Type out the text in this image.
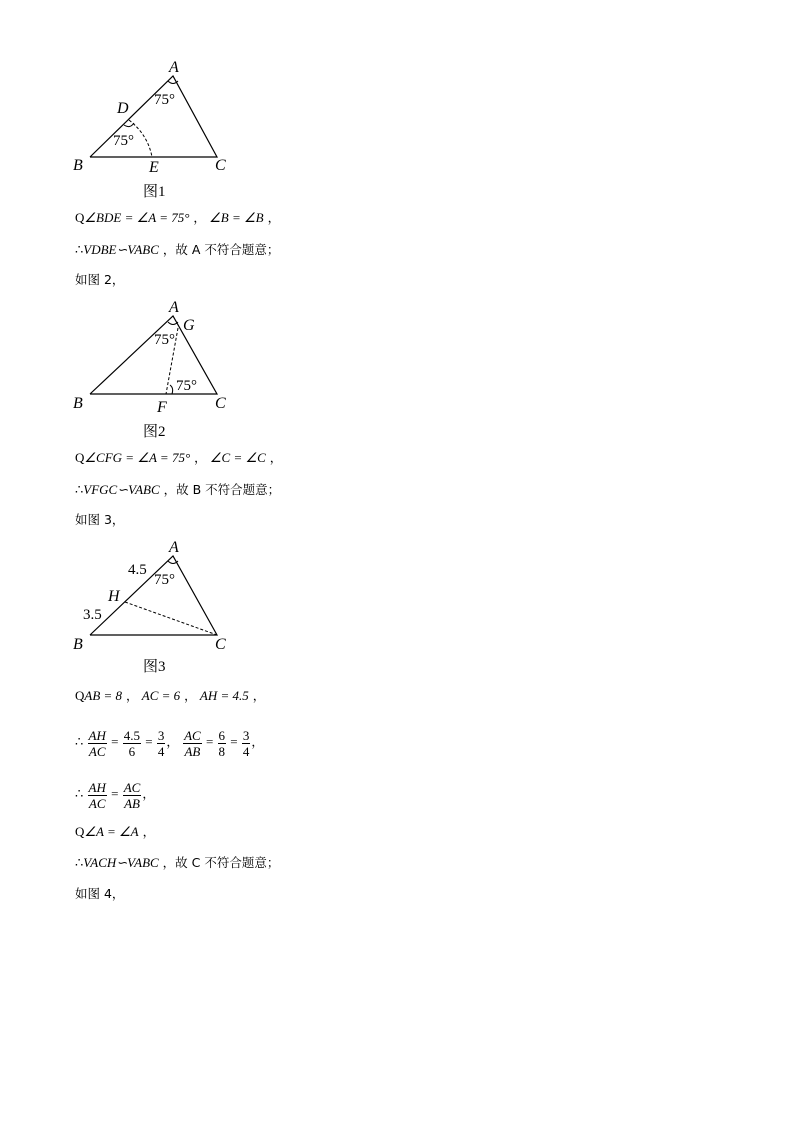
A
B	C
D
E
75°
75°
图1
Q∠BDE = ∠A = 75° ， ∠B = ∠B ，
∴VDBE∽VABC ，故 A 不符合题意；
如图 2，
A
B	C
F
G
75°
75°
图2
Q∠CFG = ∠A = 75° ， ∠C = ∠C ，
∴VFGC∽VABC ，故 B 不符合题意；
如图 3，
A
B	C
H
4.5
3.5
75°
图3
QAB = 8 ， AC = 6 ， AH = 4.5 ，
∴ $\frac{AH}{AC} = \frac{4.5}{6} = \frac{3}{4}$ ， $\frac{AC}{AB} = \frac{6}{8} = \frac{3}{4}$ ，
∴ $\frac{AH}{AC} = \frac{AC}{AB}$ ，
Q∠A = ∠A ，
∴VACH∽VABC ，故 C 不符合题意；
如图 4，
